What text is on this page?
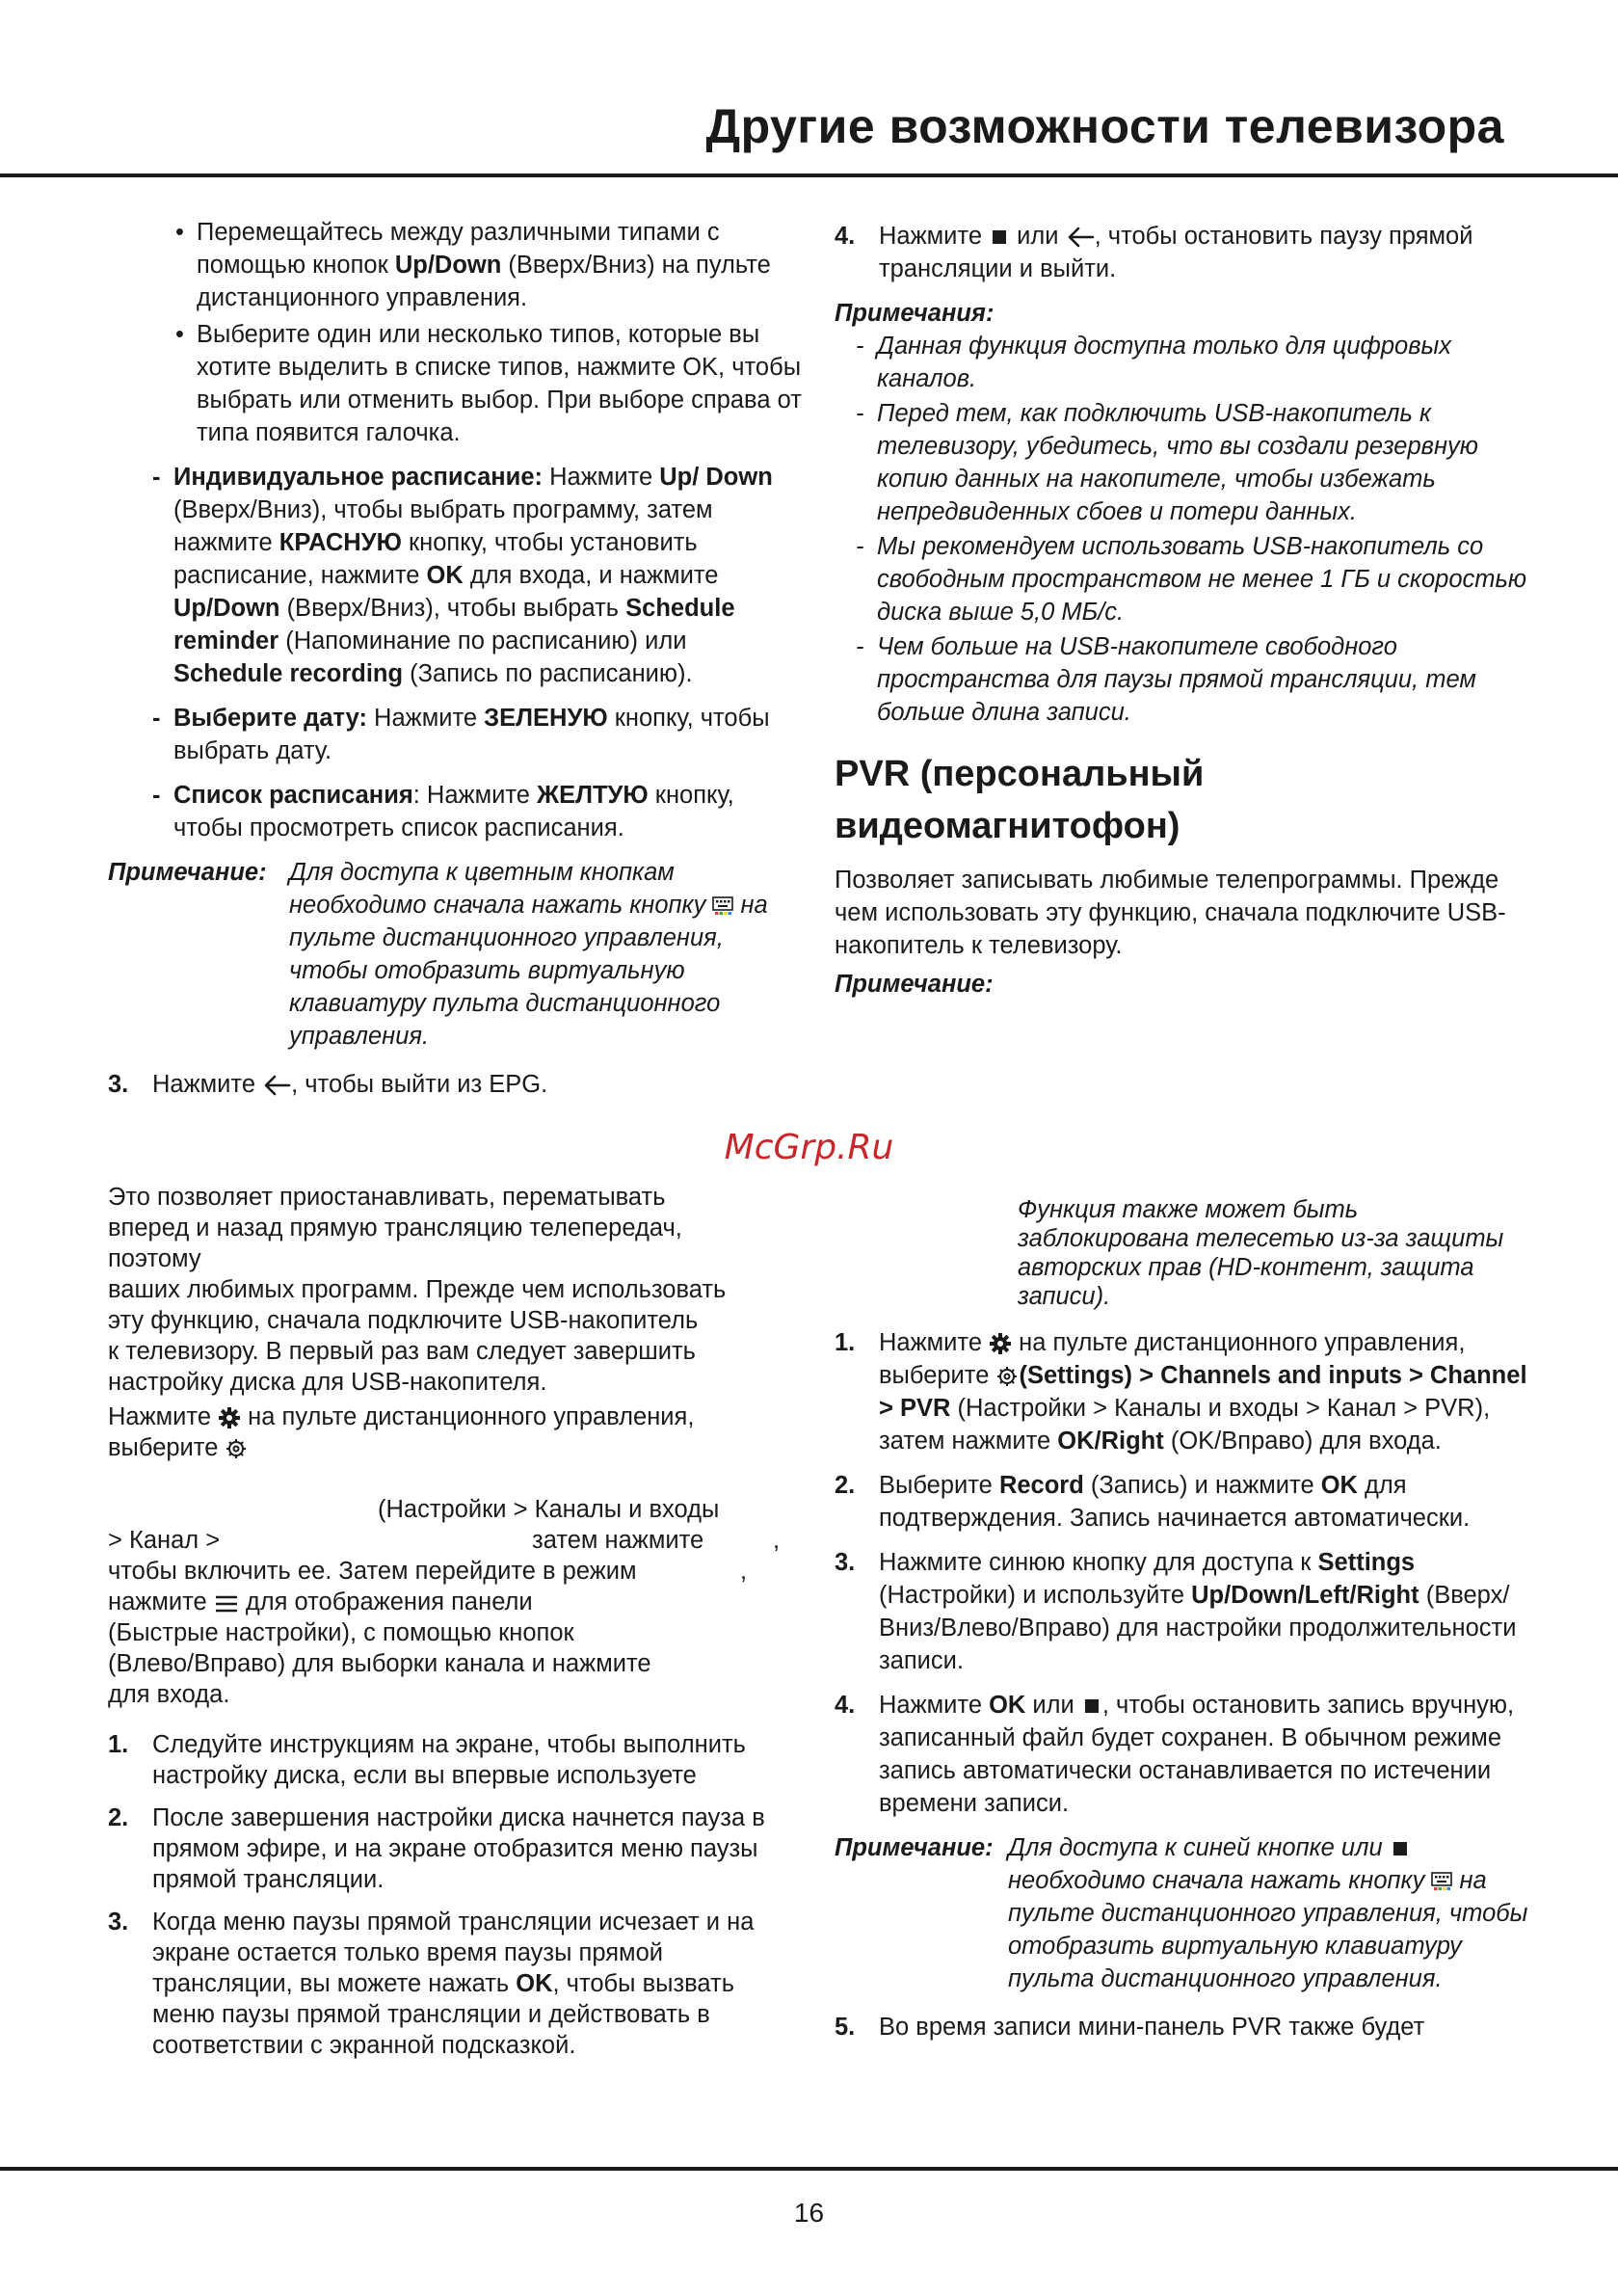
Другие возможности телевизора

• Перемещайтесь между различными типами с помощью кнопок Up/Down (Вверх/Вниз) на пульте дистанционного управления.

• Выберите один или несколько типов, которые вы хотите выделить в списке типов, нажмите OK, чтобы выбрать или отменить выбор. При выборе справа от типа появится галочка.

- Индивидуальное расписание: Нажмите Up/ Down (Вверх/Вниз), чтобы выбрать программу, затем нажмите КРАСНУЮ кнопку, чтобы установить расписание, нажмите OK для входа, и нажмите Up/Down (Вверх/Вниз), чтобы выбрать Schedule reminder (Напоминание по расписанию) или Schedule recording (Запись по расписанию).

- Выберите дату: Нажмите ЗЕЛЕНУЮ кнопку, чтобы выбрать дату.

- Список расписания: Нажмите ЖЕЛТУЮ кнопку, чтобы просмотреть список расписания.

Примечание: Для доступа к цветным кнопкам необходимо сначала нажать кнопку  на пульте дистанционного управления, чтобы отобразить виртуальную клавиатуру пульта дистанционного управления.

3. Нажмите , чтобы выйти из EPG.

4. Нажмите  или , чтобы остановить паузу прямой трансляции и выйти.

Примечания:

- Данная функция доступна только для цифровых каналов.

- Перед тем, как подключить USB-накопитель к телевизору, убедитесь, что вы создали резервную копию данных на накопителе, чтобы избежать непредвиденных сбоев и потери данных.

- Мы рекомендуем использовать USB-накопитель со свободным пространством не менее 1 ГБ и скоростью диска выше 5,0 МБ/с.

- Чем больше на USB-накопителе свободного пространства для паузы прямой трансляции, тем больше длина записи.

PVR (персональный
видеомагнитофон)

Позволяет записывать любимые телепрограммы. Прежде чем использовать эту функцию, сначала подключите USB-накопитель к телевизору.

Примечание:

McGrp.Ru

Это позволяет приостанавливать, перематывать

вперед и назад прямую трансляцию телепередач,

поэтому

ваших любимых программ. Прежде чем использовать

эту функцию, сначала подключите USB-накопитель

к телевизору. В первый раз вам следует завершить

настройку диска для USB-накопителя.

Нажмите  на пульте дистанционного управления,

выберите

(Настройки > Каналы и входы

> Канал >	затем нажмите	,

чтобы включить ее. Затем перейдите в режим	,

нажмите  для отображения панели

(Быстрые настройки), с помощью кнопок

(Влево/Вправо) для выборки канала и нажмите

для входа.

1. Следуйте инструкциям на экране, чтобы выполнить настройку диска, если вы впервые используете

2. После завершения настройки диска начнется пауза в прямом эфире, и на экране отобразится меню паузы прямой трансляции.

3. Когда меню паузы прямой трансляции исчезает и на экране остается только время паузы прямой трансляции, вы можете нажать OK, чтобы вызвать меню паузы прямой трансляции и действовать в соответствии с экранной подсказкой.

Функция также может быть заблокирована телесетью из-за защиты авторских прав (HD-контент, защита записи).

1. Нажмите  на пульте дистанционного управления, выберите (Settings) > Channels and inputs > Channel > PVR (Настройки > Каналы и входы > Канал > PVR), затем нажмите OK/Right (OK/Вправо) для входа.

2. Выберите Record (Запись) и нажмите OK для подтверждения. Запись начинается автоматически.

3. Нажмите синюю кнопку для доступа к Settings (Настройки) и используйте Up/Down/Left/Right (Вверх/Вниз/Влево/Вправо) для настройки продолжительности записи.

4. Нажмите OK или , чтобы остановить запись вручную, записанный файл будет сохранен. В обычном режиме запись автоматически останавливается по истечении времени записи.

Примечание: Для доступа к синей кнопке или  необходимо сначала нажать кнопку  на пульте дистанционного управления, чтобы отобразить виртуальную клавиатуру пульта дистанционного управления.

5. Во время записи мини-панель PVR также будет

16
